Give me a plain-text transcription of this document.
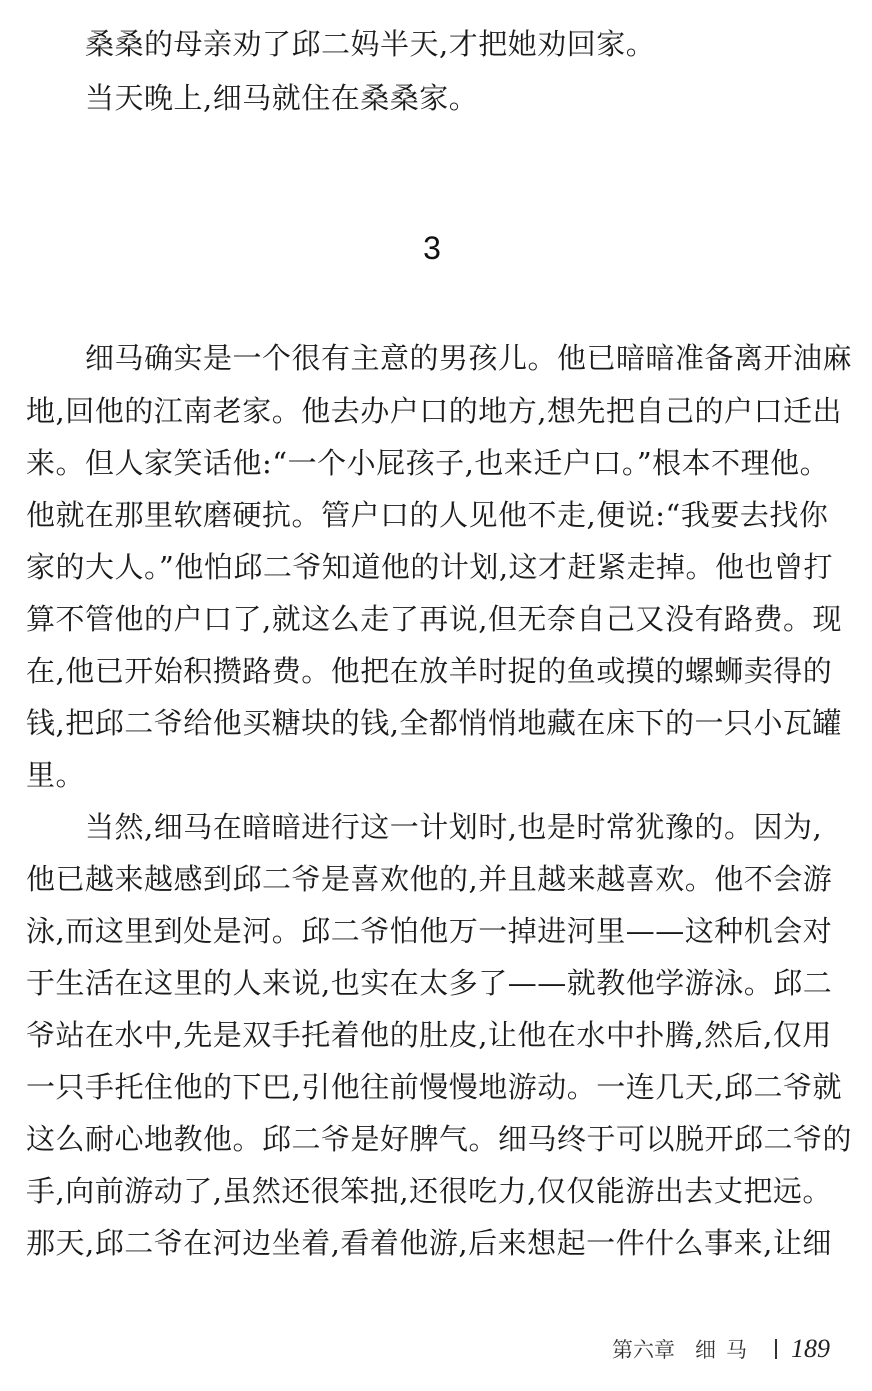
桑桑的母亲劝了邱二妈半天,才把她劝回家。
当天晚上,细马就住在桑桑家。
3
细马确实是一个很有主意的男孩儿。他已暗暗准备离开油麻
地,回他的江南老家。他去办户口的地方,想先把自己的户口迁出
来。但人家笑话他:“一个小屁孩子,也来迁户口。”根本不理他。
他就在那里软磨硬抗。管户口的人见他不走,便说:“我要去找你
家的大人。”他怕邱二爷知道他的计划,这才赶紧走掉。他也曾打
算不管他的户口了,就这么走了再说,但无奈自己又没有路费。现
在,他已开始积攒路费。他把在放羊时捉的鱼或摸的螺蛳卖得的
钱,把邱二爷给他买糖块的钱,全都悄悄地藏在床下的一只小瓦罐
里。
当然,细马在暗暗进行这一计划时,也是时常犹豫的。因为,
他已越来越感到邱二爷是喜欢他的,并且越来越喜欢。他不会游
泳,而这里到处是河。邱二爷怕他万一掉进河里——这种机会对
于生活在这里的人来说,也实在太多了——就教他学游泳。邱二
爷站在水中,先是双手托着他的肚皮,让他在水中扑腾,然后,仅用
一只手托住他的下巴,引他往前慢慢地游动。一连几天,邱二爷就
这么耐心地教他。邱二爷是好脾气。细马终于可以脱开邱二爷的
手,向前游动了,虽然还很笨拙,还很吃力,仅仅能游出去丈把远。
那天,邱二爷在河边坐着,看着他游,后来想起一件什么事来,让细
第六章 细马 189
